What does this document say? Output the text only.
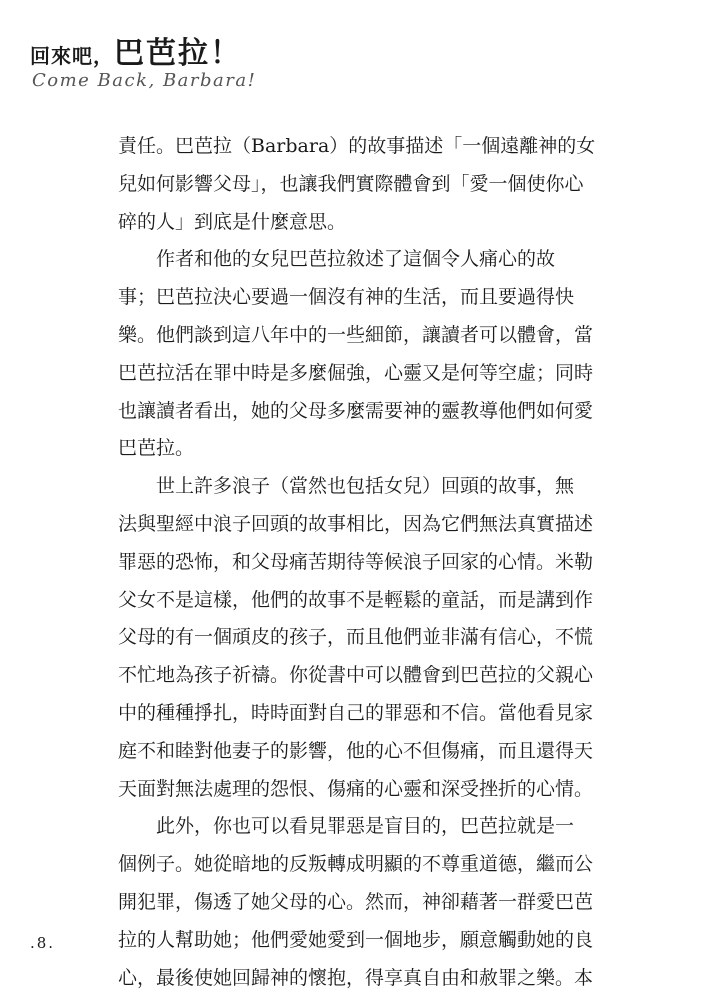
回來吧，巴芭拉！
Come Back, Barbara!
責任。巴芭拉（Barbara）的故事描述「一個遠離神的女
兒如何影響父母」，也讓我們實際體會到「愛一個使你心
碎的人」到底是什麼意思。
作者和他的女兒巴芭拉敘述了這個令人痛心的故
事；巴芭拉決心要過一個沒有神的生活，而且要過得快
樂。他們談到這八年中的一些細節，讓讀者可以體會，當
巴芭拉活在罪中時是多麼倔強，心靈又是何等空虛；同時
也讓讀者看出，她的父母多麼需要神的靈教導他們如何愛
巴芭拉。
世上許多浪子（當然也包括女兒）回頭的故事，無
法與聖經中浪子回頭的故事相比，因為它們無法真實描述
罪惡的恐怖，和父母痛苦期待等候浪子回家的心情。米勒
父女不是這樣，他們的故事不是輕鬆的童話，而是講到作
父母的有一個頑皮的孩子，而且他們並非滿有信心，不慌
不忙地為孩子祈禱。你從書中可以體會到巴芭拉的父親心
中的種種掙扎，時時面對自己的罪惡和不信。當他看見家
庭不和睦對他妻子的影響，他的心不但傷痛，而且還得天
天面對無法處理的怨恨、傷痛的心靈和深受挫折的心情。
此外，你也可以看見罪惡是盲目的，巴芭拉就是一
個例子。她從暗地的反叛轉成明顯的不尊重道德，繼而公
開犯罪，傷透了她父母的心。然而，神卻藉著一群愛巴芭
拉的人幫助她；他們愛她愛到一個地步，願意觸動她的良
心，最後使她回歸神的懷抱，得享真自由和赦罪之樂。本
.8.
